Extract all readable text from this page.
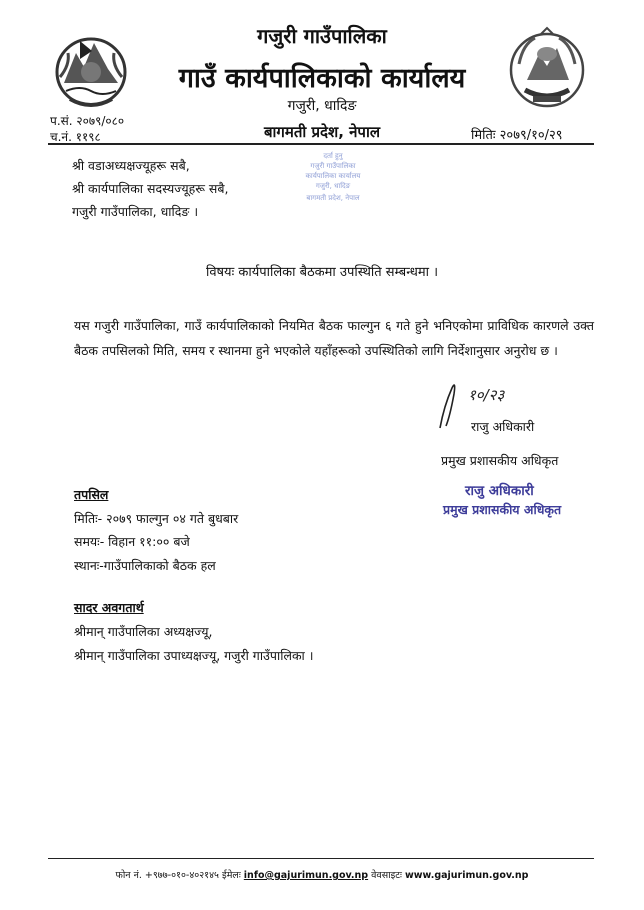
गजुरी गाउँपालिका
गाउँ कार्यपालिकाको कार्यालय
गजुरी, धादिङ
बागमती प्रदेश, नेपाल
प.सं. २०७९/०८०
च.नं. ११९८	मितिः २०७९/१०/२९
श्री वडाअध्यक्षज्यूहरू सबै,
श्री कार्यपालिका सदस्यज्यूहरू सबै,
गजुरी गाउँपालिका, धादिङ ।
दर्ता हुनु
गजुरी गाउँपालिका
कार्यपालिका कार्यालय
गजुरी, धादिङ
बागमती प्रदेश, नेपाल
विषयः कार्यपालिका बैठकमा उपस्थिति सम्बन्धमा ।
यस गजुरी गाउँपालिका, गाउँ कार्यपालिकाको नियमित बैठक फाल्गुन ६ गते हुने भनिएकोमा प्राविधिक कारणले उक्त बैठक तपसिलको मिति, समय र स्थानमा हुने भएकोले यहाँहरूको उपस्थितिको लागि निर्देशानुसार अनुरोध छ ।
१०/२३
राजु अधिकारी
प्रमुख प्रशासकीय अधिकृत
राजु अधिकारी
प्रमुख प्रशासकीय अधिकृत
तपसिल
मितिः- २०७९ फाल्गुन ०४ गते बुधबार
समयः- विहान ११:०० बजे
स्थानः-गाउँपालिकाको बैठक हल
सादर अवगतार्थ
श्रीमान् गाउँपालिका अध्यक्षज्यू,
श्रीमान् गाउँपालिका उपाध्यक्षज्यू, गजुरी गाउँपालिका ।
फोन नं. +९७७-०१०-४०२१४५ ईमेलः info@gajurimun.gov.np वेवसाइटः www.gajurimun.gov.np
